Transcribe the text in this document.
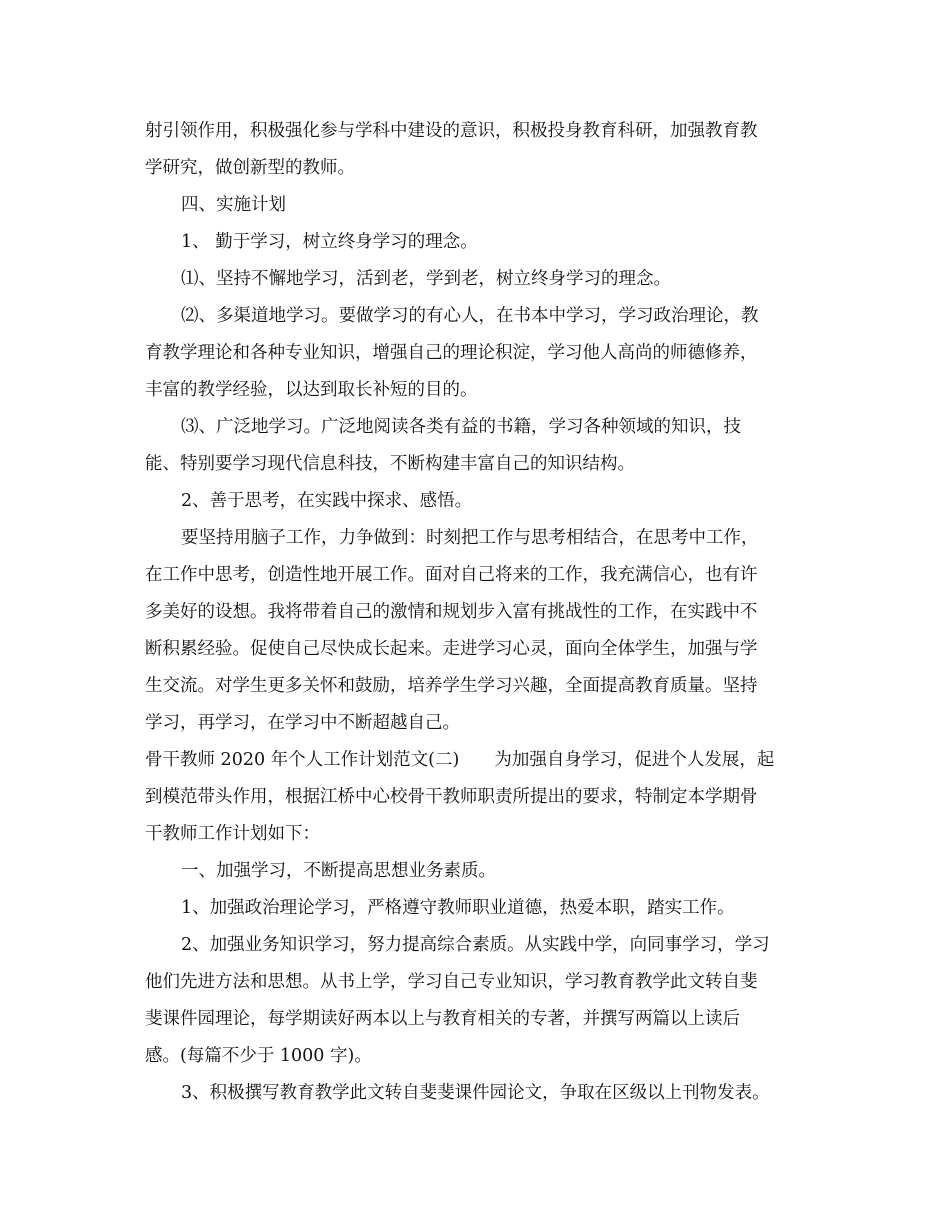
射引领作用，积极强化参与学科中建设的意识，积极投身教育科研，加强教育教
学研究，做创新型的教师。

四、实施计划

1、 勤于学习，树立终身学习的理念。

⑴、坚持不懈地学习，活到老，学到老，树立终身学习的理念。

⑵、多渠道地学习。要做学习的有心人，在书本中学习，学习政治理论，教
育教学理论和各种专业知识，增强自己的理论积淀，学习他人高尚的师德修养，
丰富的教学经验，以达到取长补短的目的。

⑶、广泛地学习。广泛地阅读各类有益的书籍，学习各种领域的知识，技
能、特别要学习现代信息科技，不断构建丰富自己的知识结构。

2、善于思考，在实践中探求、感悟。

要坚持用脑子工作，力争做到：时刻把工作与思考相结合，在思考中工作，
在工作中思考，创造性地开展工作。面对自己将来的工作，我充满信心，也有许
多美好的设想。我将带着自己的激情和规划步入富有挑战性的工作，在实践中不
断积累经验。促使自己尽快成长起来。走进学习心灵，面向全体学生，加强与学
生交流。对学生更多关怀和鼓励，培养学生学习兴趣，全面提高教育质量。坚持
学习，再学习，在学习中不断超越自己。

骨干教师 2020 年个人工作计划范文(二)　　为加强自身学习，促进个人发展，起
到模范带头作用，根据江桥中心校骨干教师职责所提出的要求，特制定本学期骨
干教师工作计划如下：

一、加强学习，不断提高思想业务素质。

1、加强政治理论学习，严格遵守教师职业道德，热爱本职，踏实工作。

2、加强业务知识学习，努力提高综合素质。从实践中学，向同事学习，学习
他们先进方法和思想。从书上学，学习自己专业知识，学习教育教学此文转自斐
斐课件园理论，每学期读好两本以上与教育相关的专著，并撰写两篇以上读后
感。(每篇不少于 1000 字)。

3、积极撰写教育教学此文转自斐斐课件园论文，争取在区级以上刊物发表。
